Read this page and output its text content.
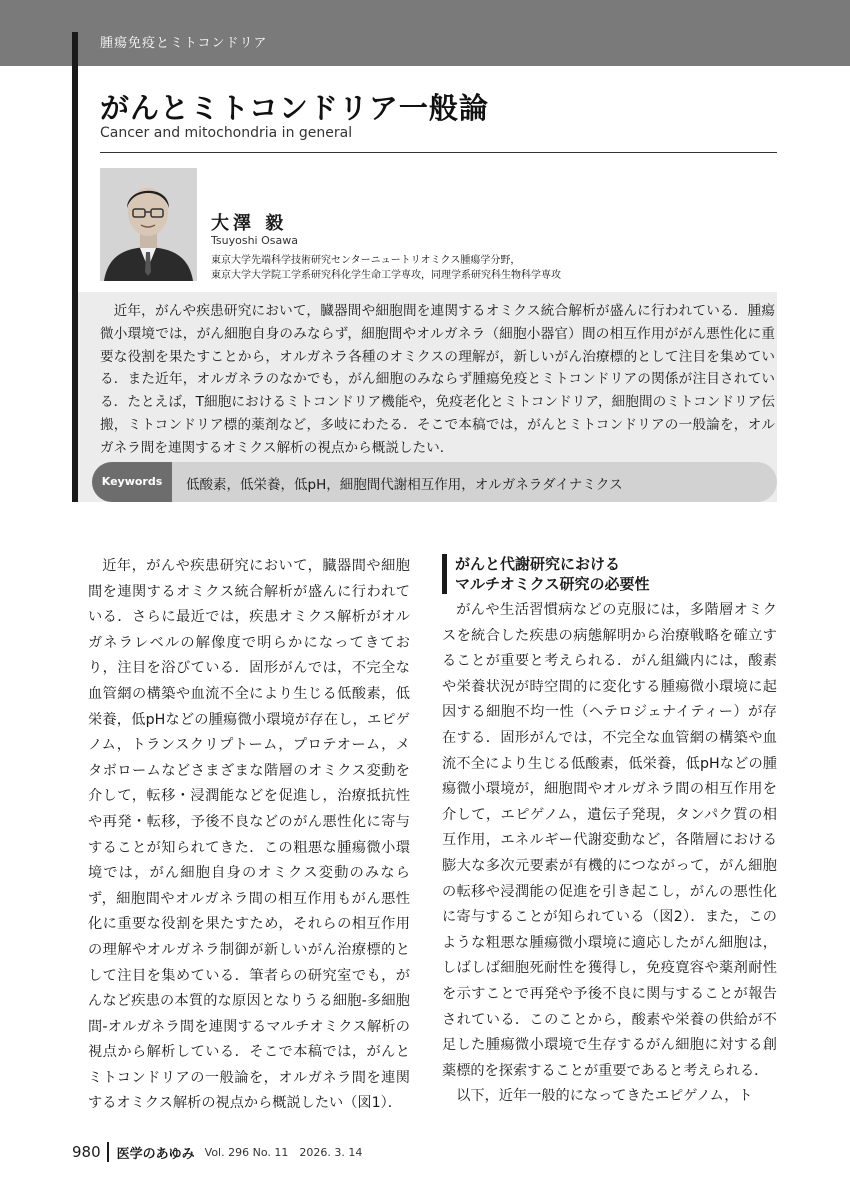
腫瘍免疫とミトコンドリア
がんとミトコンドリア一般論
Cancer and mitochondria in general
大澤 毅
Tsuyoshi Osawa
東京大学先端科学技術研究センターニュートリオミクス腫瘍学分野，
東京大学大学院工学系研究科化学生命工学専攻，同理学系研究科生物科学専攻

近年，がんや疾患研究において，臓器間や細胞間を連関するオミクス統合解析が盛んに行われている．腫瘍微小環境では，がん細胞自身のみならず，細胞間やオルガネラ（細胞小器官）間の相互作用ががん悪性化に重要な役割を果たすことから，オルガネラ各種のオミクスの理解が，新しいがん治療標的として注目を集めている．また近年，オルガネラのなかでも，がん細胞のみならず腫瘍免疫とミトコンドリアの関係が注目されている．たとえば，T細胞におけるミトコンドリア機能や，免疫老化とミトコンドリア，細胞間のミトコンドリア伝搬，ミトコンドリア標的薬剤など，多岐にわたる．そこで本稿では，がんとミトコンドリアの一般論を，オルガネラ間を連関するオミクス解析の視点から概説したい．

Keywords	低酸素，低栄養，低pH，細胞間代謝相互作用，オルガネラダイナミクス

近年，がんや疾患研究において，臓器間や細胞間を連関するオミクス統合解析が盛んに行われている．さらに最近では，疾患オミクス解析がオルガネラレベルの解像度で明らかになってきており，注目を浴びている．固形がんでは，不完全な血管網の構築や血流不全により生じる低酸素，低栄養，低pHなどの腫瘍微小環境が存在し，エピゲノム，トランスクリプトーム，プロテオーム，メタボロームなどさまざまな階層のオミクス変動を介して，転移・浸潤能などを促進し，治療抵抗性や再発・転移，予後不良などのがん悪性化に寄与することが知られてきた．この粗悪な腫瘍微小環境では，がん細胞自身のオミクス変動のみならず，細胞間やオルガネラ間の相互作用もがん悪性化に重要な役割を果たすため，それらの相互作用の理解やオルガネラ制御が新しいがん治療標的として注目を集めている．筆者らの研究室でも，がんなど疾患の本質的な原因となりうる細胞-多細胞間-オルガネラ間を連関するマルチオミクス解析の視点から解析している．そこで本稿では，がんとミトコンドリアの一般論を，オルガネラ間を連関するオミクス解析の視点から概説したい（図1）．

がんと代謝研究における
マルチオミクス研究の必要性

がんや生活習慣病などの克服には，多階層オミクスを統合した疾患の病態解明から治療戦略を確立することが重要と考えられる．がん組織内には，酸素や栄養状況が時空間的に変化する腫瘍微小環境に起因する細胞不均一性（ヘテロジェナイティー）が存在する．固形がんでは，不完全な血管網の構築や血流不全により生じる低酸素，低栄養，低pHなどの腫瘍微小環境が，細胞間やオルガネラ間の相互作用を介して，エピゲノム，遺伝子発現，タンパク質の相互作用，エネルギー代謝変動など，各階層における膨大な多次元要素が有機的につながって，がん細胞の転移や浸潤能の促進を引き起こし，がんの悪性化に寄与することが知られている（図2）．また，このような粗悪な腫瘍微小環境に適応したがん細胞は，しばしば細胞死耐性を獲得し，免疫寛容や薬剤耐性を示すことで再発や予後不良に関与することが報告されている．このことから，酸素や栄養の供給が不足した腫瘍微小環境で生存するがん細胞に対する創薬標的を探索することが重要であると考えられる．

以下，近年一般的になってきたエピゲノム，ト

980 医学のあゆみ Vol. 296 No. 11　2026. 3. 14
